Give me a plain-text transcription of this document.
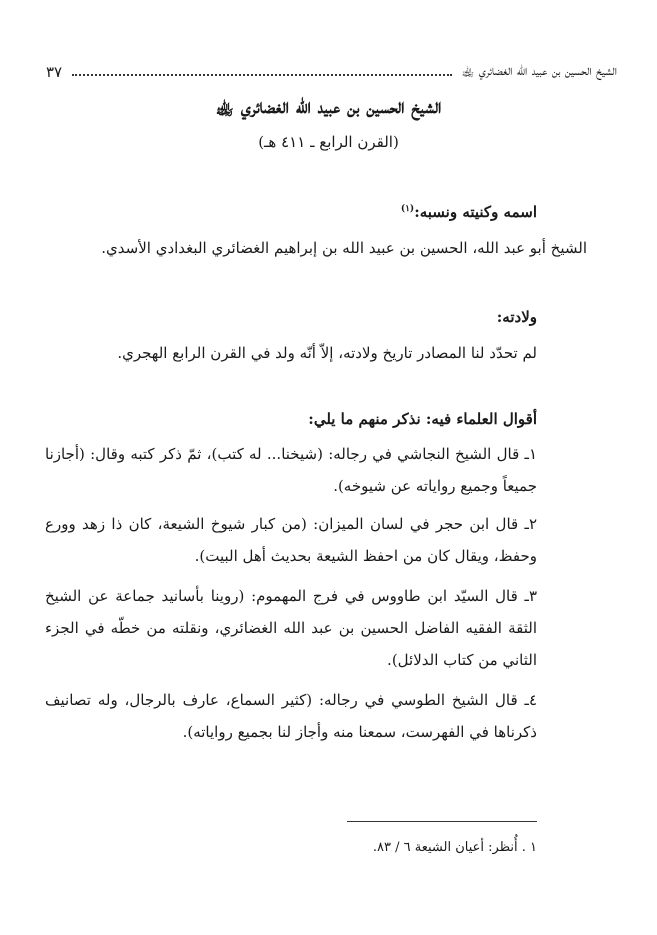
الشيخ الحسين بن عبيد الله الغضائري ﵀
٣٧
الشيخ الحسين بن عبيد الله الغضائري ﵀
(القرن الرابع ـ ٤١١ هـ)
اسمه وكنيته ونسبه:$^{(١)}$
الشيخ أبو عبد الله، الحسين بن عبيد الله بن إبراهيم الغضائري البغدادي الأسدي.
ولادته:
لم تحدّد لنا المصادر تاريخ ولادته، إلاّ أنّه ولد في القرن الرابع الهجري.
أقوال العلماء فيه: نذكر منهم ما يلي:
١ـ قال الشيخ النجاشي في رجاله: (شيخنا... له كتب)، ثمّ ذكر كتبه وقال: (أجازنا جميعاً وجميع رواياته عن شيوخه).
٢ـ قال ابن حجر في لسان الميزان: (من كبار شيوخ الشيعة، كان ذا زهد وورع وحفظ، ويقال كان من احفظ الشيعة بحديث أهل البيت).
٣ـ قال السيّد ابن طاووس في فرج المهموم: (روينا بأسانيد جماعة عن الشيخ الثقة الفقيه الفاضل الحسين بن عبد الله الغضائري، ونقلته من خطّه في الجزء الثاني من كتاب الدلائل).
٤ـ قال الشيخ الطوسي في رجاله: (كثير السماع، عارف بالرجال، وله تصانيف ذكرناها في الفهرست، سمعنا منه وأجاز لنا بجميع رواياته).
١ . أُنظر: أعيان الشيعة ٦ / ٨٣.
